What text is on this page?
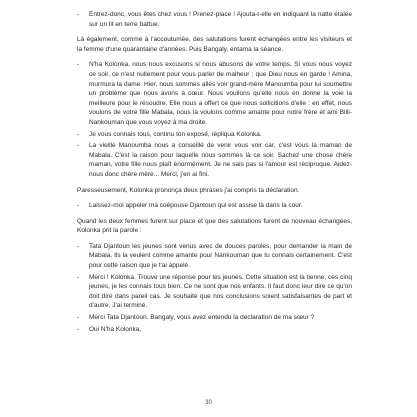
- Entrez-donc, vous êtes chez vous ! Prenez-place ! Ajouta-t-elle en indiquant la natte étalée sur un lit en terre battue.

Là également, comme à l'accoutumée, des salutations furent échangées entre les visiteurs et la femme d'une quarantaine d'années. Puis Bangaly, entama la séance.

- N'ha Kolonka, nous nous excusons si nous abusons de votre temps. Si vous nous voyez ce soir, ce n'est nullement pour vous parler de malheur ; que Dieu nous en garde ! Amina, murmura la dame. Hier, nous sommes allés voir grand-mère Manoumba pour lui soumettre un problème que nous avons à cœur. Nous voulions qu'elle nous en donne la voie la meilleure pour le résoudre. Elle nous a offert ce que nous sollicitions d'elle : en effet, nous voulons de votre fille Mabala, nous la voulons comme amante pour notre frère et ami Billi-Nankouman que vous voyez à ma droite.
- Je vous connais tous, continu ton exposé, répliqua Kolonka.
- La vieille Manoumba nous a conseillé de venir vous voir car, c'est vous la maman de Mabala. C'est la raison pour laquelle nous sommes là ce soir. Sachez une chose chère maman, votre fille nous plaît énormément. Je ne sais pas si l'amour est réciproque. Aidez-nous donc chère mère... Merci, j'en ai fini.

Paresseusement, Kolonka prononça deux phrases j'ai compris ta déclaration.

- Laissez-moi appeler ma coépouse Djantoun qui est assise là dans la cour.

Quand les deux femmes furent sur place et que des salutations furent de nouveau échangées, Kolonka prit la parole :

- Tata Djantoun les jeunes sont venus avec de douces paroles, pour demander la main de Mabala. Ils la veulent comme amante pour Nankouman que tu connais certainement. C'est pour cette raison que je t'ai appelé.
- Merci ! Kolonka. Trouve une réponse pour les jeunes. Cette situation est la tienne, ces cinq jeunes, je les connais tous bien. Ce ne sont que nos enfants. Il faut donc leur dire ce qu'on doit dire dans pareil cas. Je souhaite que nos conclusions soient satisfaisantes de part et d'autre. J'ai terminé.
- Merci Tata Djantoun. Bangaly, vous avez entendu la déclaration de ma sœur ?
- Oui N'ha Kolonka,
30
